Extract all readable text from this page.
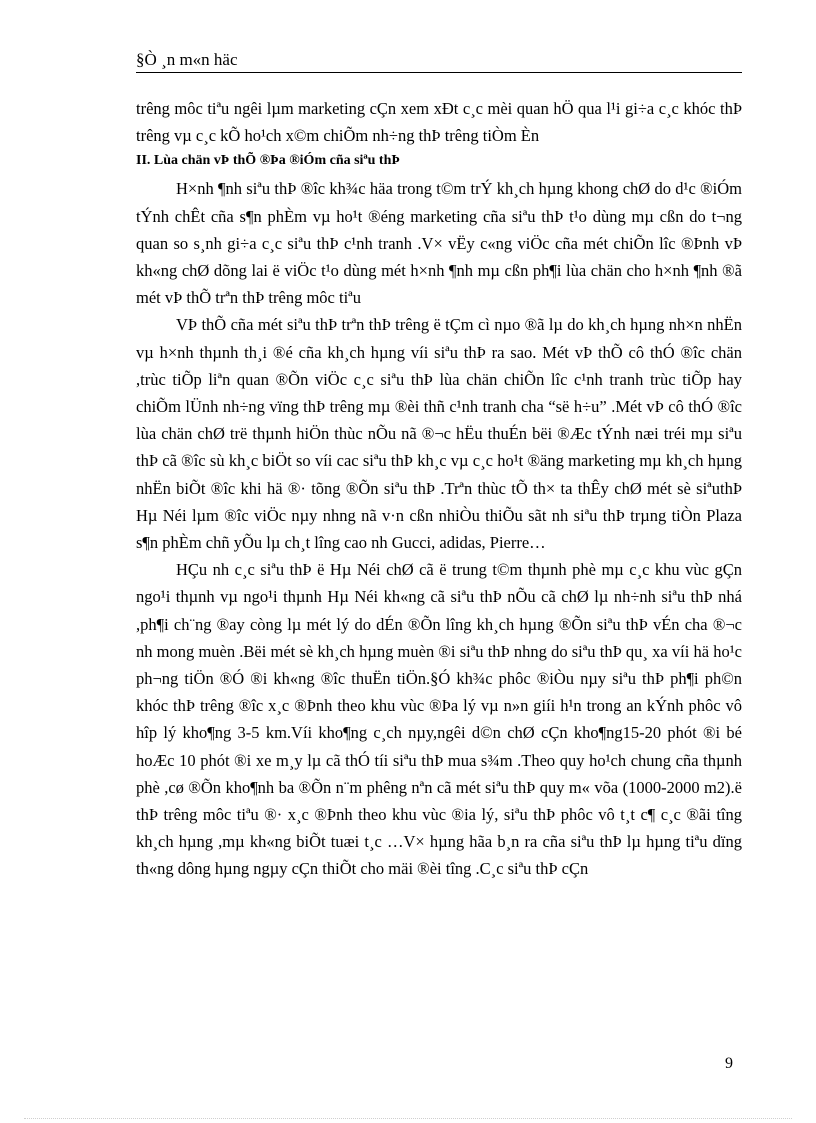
§Ò ¸n m«n häc

trêng môc tiªu ngêi lµm marketing cÇn xem xÐt c¸c mèi quan hÖ qua l¹i gi÷a c¸c khóc thÞ trêng vµ c¸c kÕ ho¹ch x©m chiÕm nh÷ng thÞ trêng tiÒm Èn

II. Lùa chän vÞ thÕ ®Þa ®iÓm cña siªu thÞ

H×nh ¶nh siªu thÞ ®îc kh¾c häa trong t©m trÝ kh¸ch hµng khong chØ do d¹c ®iÓm tÝnh chÊt cña s¶n phÈm vµ ho¹t ®éng marketing cña siªu thÞ t¹o dùng mµ cßn do t¬ng quan so s¸nh gi÷a c¸c siªu thÞ c¹nh tranh .V× vËy c«ng viÖc cña mét chiÕn lîc ®Þnh vÞ kh«ng chØ dõng lai ë viÖc t¹o dùng mét h×nh ¶nh mµ cßn ph¶i lùa chän cho h×nh ¶nh ®ã mét vÞ thÕ trªn thÞ trêng môc tiªu

VÞ thÕ cña mét siªu thÞ trªn thÞ trêng ë tÇm cì nµo ®ã lµ do kh¸ch hµng nh×n nhËn vµ h×nh thµnh th¸i ®é cña kh¸ch hµng víi siªu thÞ ra sao. Mét vÞ thÕ cô thÓ ®îc chän ,trùc tiÕp liªn quan ®Õn viÖc c¸c siªu thÞ lùa chän chiÕn lîc c¹nh tranh trùc tiÕp hay chiÕm lÜnh nh÷ng vïng thÞ trêng mµ ®èi thñ c¹nh tranh cha “së h÷u” .Mét vÞ cô thÓ ®îc lùa chän chØ trë thµnh hiÖn thùc nÕu nã ®¬c hËu thuÉn bëi ®Æc tÝnh næi tréi mµ siªu thÞ cã ®îc sù kh¸c biÖt so víi cac siªu thÞ kh¸c vµ c¸c ho¹t ®äng marketing mµ kh¸ch hµng nhËn biÕt ®îc khi hä ®· tõng ®Õn siªu thÞ .Trªn thùc tÕ th× ta thÊy chØ mét sè siªuthÞ Hµ Néi lµm ®îc viÖc nµy nhng nã v·n cßn nhiÒu thiÕu sãt nh siªu thÞ trµng tiÒn Plaza s¶n phÈm chñ yÕu lµ ch¸t lîng cao nh Gucci, adidas, Pierre…

HÇu nh c¸c siªu thÞ ë Hµ Néi chØ cã ë trung t©m thµnh phè mµ c¸c khu vùc gÇn ngo¹i thµnh vµ ngo¹i thµnh Hµ Néi kh«ng cã siªu thÞ nÕu cã chØ lµ nh÷nh siªu thÞ nhá ,ph¶i ch¨ng ®ay còng lµ mét lý do dÉn ®Õn lîng kh¸ch hµng ®Õn siªu thÞ vÉn cha ®¬c nh mong muèn .Bëi mét sè kh¸ch hµng muèn ®i siªu thÞ nhng do siªu thÞ qu¸ xa víi hä ho¹c ph¬ng tiÖn ®Ó ®i kh«ng ®îc thuËn tiÖn.§Ó kh¾c phôc ®iÒu nµy siªu thÞ ph¶i ph©n khóc thÞ trêng ®îc x¸c ®Þnh theo khu vùc ®Þa lý vµ n»n giíi h¹n trong an kÝnh phôc vô hîp lý kho¶ng 3-5 km.Víi kho¶ng c¸ch nµy,ngêi d©n chØ cÇn kho¶ng15-20 phót ®i bé hoÆc 10 phót ®i xe m¸y lµ cã thÓ tíi siªu thÞ mua s¾m .Theo quy ho¹ch chung cña thµnh phè ,cø ®Õn kho¶nh ba ®Õn n¨m phêng nªn cã mét siªu thÞ quy m« võa (1000-2000 m2).ë thÞ trêng môc tiªu ®· x¸c ®Þnh theo khu vùc ®ia lý, siªu thÞ phôc vô t¸t c¶ c¸c ®ãi tîng kh¸ch hµng ,mµ kh«ng biÕt tuæi t¸c …V× hµng hãa b¸n ra cña siªu thÞ lµ hµng tiªu dïng th«ng dông hµng ngµy cÇn thiÕt cho mäi ®èi tîng .C¸c siªu thÞ cÇn

9
